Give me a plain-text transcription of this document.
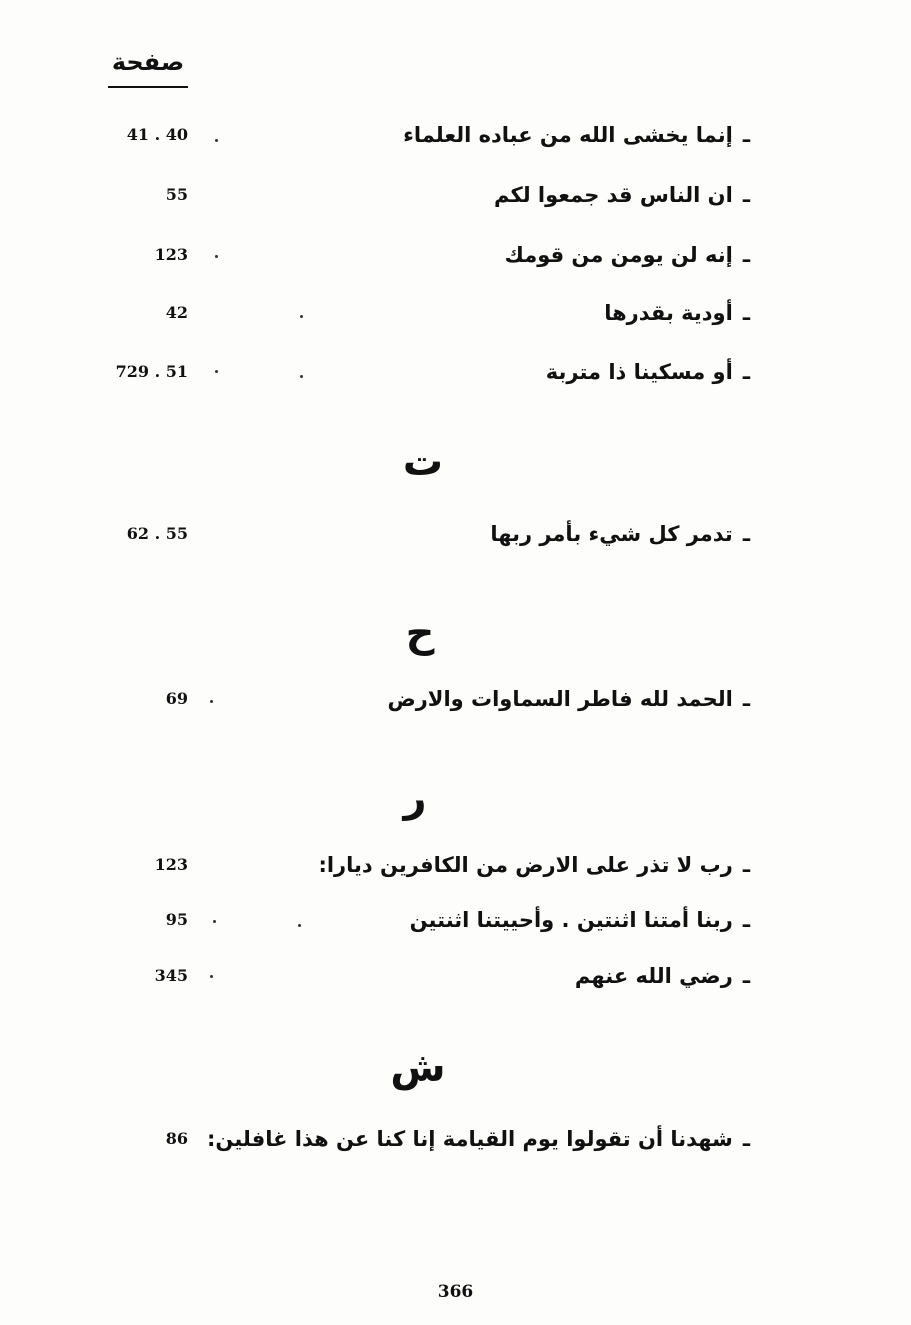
صفحة
ـإنما يخشى الله من عباده العلماء
41 . 40
ـان الناس قد جمعوا لكم
55
ـإنه لن يومن من قومك
123
ـأودية بقدرها
42
ـأو مسكينا ذا متربة
729 . 51
ت
ـتدمر كل شيء بأمر ربها
62 . 55
ح
ـالحمد لله فاطر السماوات والارض
69
ر
ـرب لا تذر على الارض من الكافرين ديارا:
123
ـربنا أمتنا اثنتين . وأحييتنا اثنتين
95
ـرضي الله عنهم
345
ش
ـشهدنا أن تقولوا يوم القيامة إنا كنا عن هذا غافلين:
86
366
